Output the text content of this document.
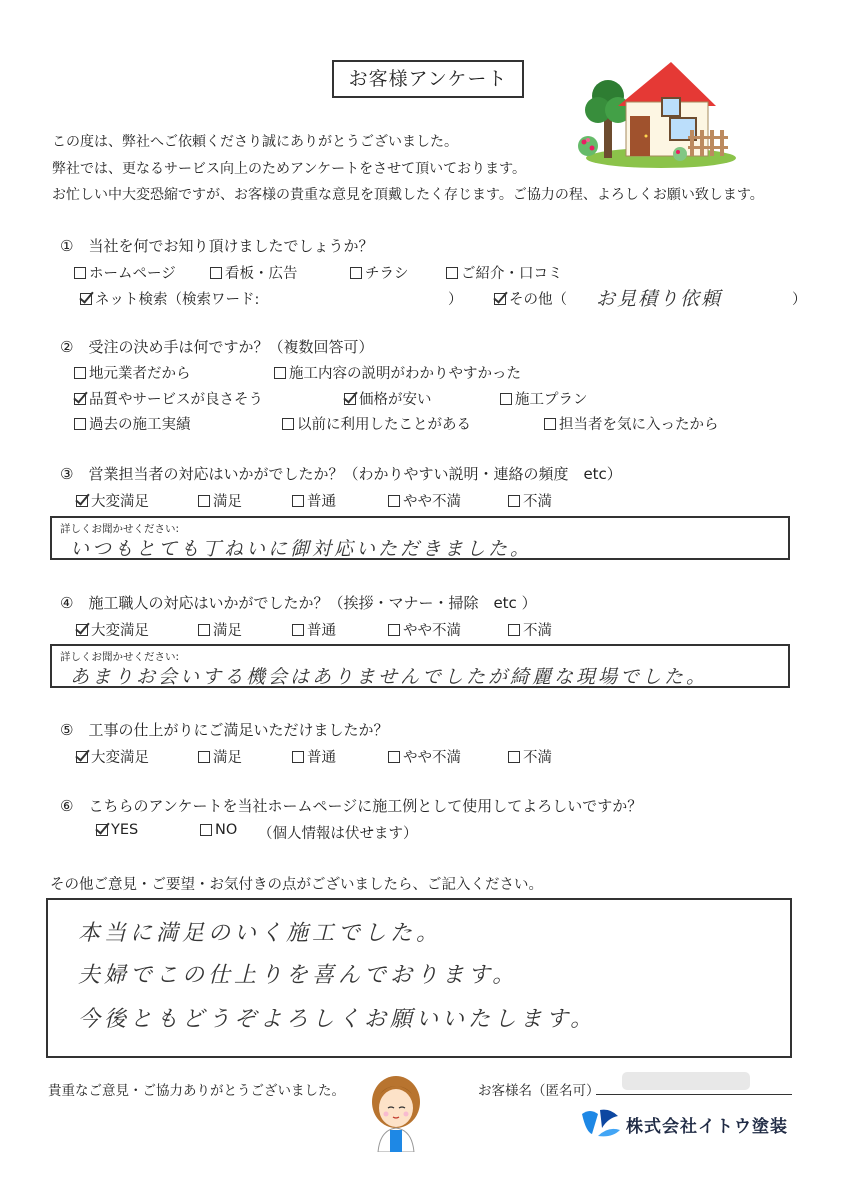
お客様アンケート
この度は、弊社へご依頼くださり誠にありがとうございました。
弊社では、更なるサービス向上のためアンケートをさせて頂いております。
お忙しい中大変恐縮ですが、お客様の貴重な意見を頂戴したく存じます。ご協力の程、よろしくお願い致します。
①　当社を何でお知り頂けましたでしょうか？
ホームページ	看板・広告	チラシ	ご紹介・口コミ
ネット検索（検索ワード:	）	その他（ お見積り依頼	）
②　受注の決め手は何ですか？（複数回答可）
地元業者だから	施工内容の説明がわかりやすかった
品質やサービスが良さそう	価格が安い	施工プラン
過去の施工実績	以前に利用したことがある	担当者を気に入ったから
③　営業担当者の対応はいかがでしたか？（わかりやすい説明・連絡の頻度　etc）
大変満足	満足	普通	やや不満	不満
詳しくお聞かせください:
いつもとても丁ねいに御対応いただきました。
④　施工職人の対応はいかがでしたか？（挨拶・マナー・掃除　etc ）
大変満足	満足	普通	やや不満	不満
詳しくお聞かせください:
あまりお会いする機会はありませんでしたが綺麗な現場でした。
⑤　工事の仕上がりにご満足いただけましたか？
大変満足	満足	普通	やや不満	不満
⑥　こちらのアンケートを当社ホームページに施工例として使用してよろしいですか？
YES	NO （個人情報は伏せます）
その他ご意見・ご要望・お気付きの点がございましたら、ご記入ください。
本当に満足のいく施工でした。
夫婦でこの仕上りを喜んでおります。
今後ともどうぞよろしくお願いいたします。
貴重なご意見・ご協力ありがとうございました。	お客様名（匿名可）
株式会社イトウ塗装
